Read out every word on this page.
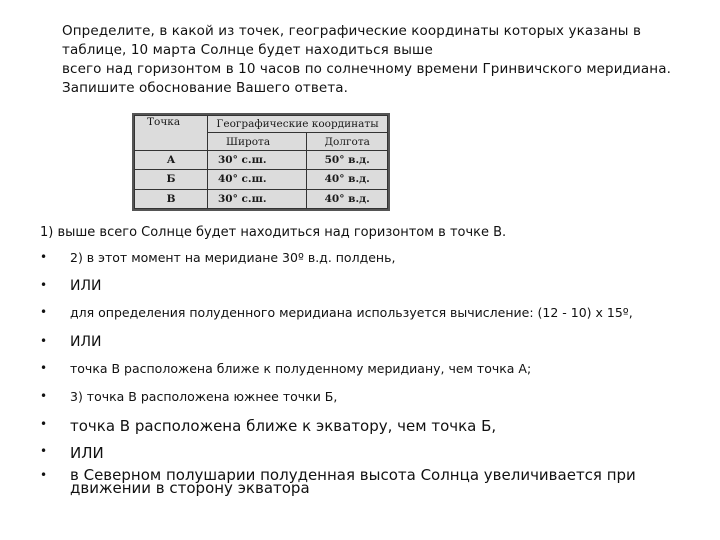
Определите, в какой из точек, географические координаты которых указаны в
таблице, 10 марта Солнце будет находиться выше
всего над горизонтом в 10 часов по солнечному времени Гринвичского меридиана.
Запишите обоснование Вашего ответа.
Точка	Географические координаты	
	Широта	Долгота
А	30° с.ш.	50° в.д.
Б	40° с.ш.	40° в.д.
В	30° с.ш.	40° в.д.
1) выше всего Солнце будет находиться над горизонтом в точке В.
• 2) в этот момент на меридиане 30º в.д. полдень,
• ИЛИ
• для определения полуденного меридиана используется вычисление: (12 - 10) х 15º,
• ИЛИ
• точка В расположена ближе к полуденному меридиану, чем точка А;
• 3) точка В расположена южнее точки Б,
• точка В расположена ближе к экватору, чем точка Б,
• ИЛИ
• в Северном полушарии полуденная высота Солнца увеличивается при
движении в сторону экватора
